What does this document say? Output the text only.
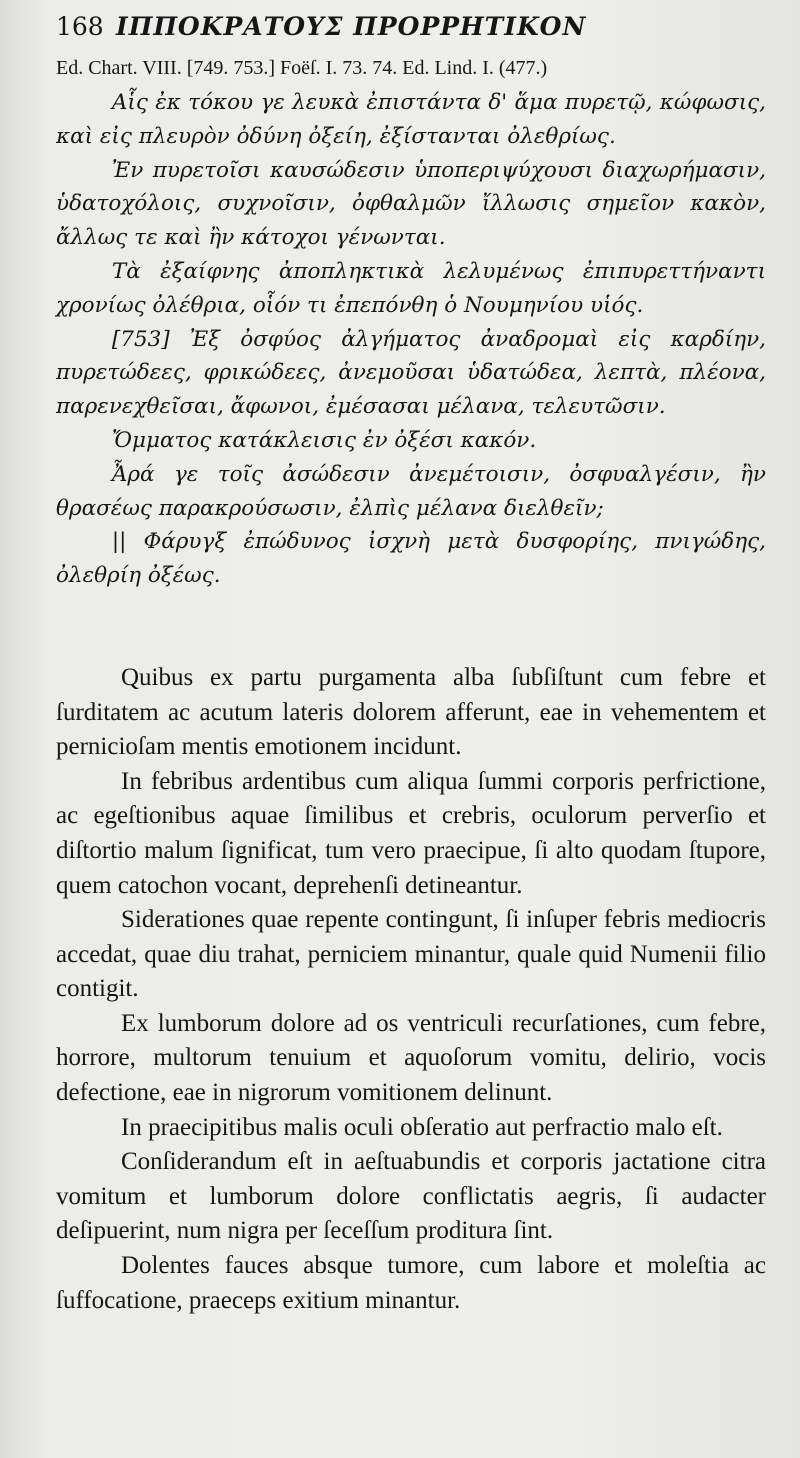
168 ΙΠΠΟΚΡΑΤΟΥΣ ΠΡΟΡΡΗΤΙΚΟΝ
Ed. Chart. VIII. [749. 753.] Foëſ. I. 73. 74. Ed. Lind. I. (477.)

Αἷς ἐκ τόκου γε λευκὰ ἐπιστάντα δ' ἅμα πυρετῷ, κώφωσις, καὶ εἰς πλευρὸν ὀδύνη ὀξείη, ἐξίστανται ὀλεθρίως.

Ἐν πυρετοῖσι καυσώδεσιν ὑποπεριψύχουσι διαχωρήμασιν, ὑδατοχόλοις, συχνοῖσιν, ὀφθαλμῶν ἴλλωσις σημεῖον κακὸν, ἄλλως τε καὶ ἢν κάτοχοι γένωνται.

Τὰ ἐξαίφνης ἀποπληκτικὰ λελυμένως ἐπιπυρεττήναντι χρονίως ὀλέθρια, οἷόν τι ἐπεπόνθη ὁ Νουμηνίου υἱός.

[753] Ἐξ ὀσφύος ἀλγήματος ἀναδρομαὶ εἰς καρδίην, πυρετώδεες, φρικώδεες, ἀνεμοῦσαι ὑδατώδεα, λεπτὰ, πλέονα, παρενεχθεῖσαι, ἄφωνοι, ἐμέσασαι μέλανα, τελευτῶσιν.

Ὄμματος κατάκλεισις ἐν ὀξέσι κακόν.

Ἆρά γε τοῖς ἀσώδεσιν ἀνεμέτοισιν, ὀσφυαλγέσιν, ἢν θρασέως παρακρούσωσιν, ἐλπὶς μέλανα διελθεῖν;

|| Φάρυγξ ἐπώδυνος ἰσχνὴ μετὰ δυσφορίης, πνιγώδης, ὀλεθρίη ὀξέως.

Quibus ex partu purgamenta alba ſubſiſtunt cum febre et ſurditatem ac acutum lateris dolorem afferunt, eae in vehementem et pernicioſam mentis emotionem incidunt.

In febribus ardentibus cum aliqua ſummi corporis perfrictione, ac egeſtionibus aquae ſimilibus et crebris, oculorum perverſio et diſtortio malum ſignificat, tum vero praecipue, ſi alto quodam ſtupore, quem catochon vocant, deprehenſi detineantur.

Siderationes quae repente contingunt, ſi inſuper febris mediocris accedat, quae diu trahat, perniciem minantur, quale quid Numenii filio contigit.

Ex lumborum dolore ad os ventriculi recurſationes, cum febre, horrore, multorum tenuium et aquoſorum vomitu, delirio, vocis defectione, eae in nigrorum vomitionem delinunt.

In praecipitibus malis oculi obſeratio aut perfractio malo eſt.

Conſiderandum eſt in aeſtuabundis et corporis jactatione citra vomitum et lumborum dolore conflictatis aegris, ſi audacter deſipuerint, num nigra per ſeceſſum proditura ſint.

Dolentes fauces absque tumore, cum labore et moleſtia ac ſuffocatione, praeceps exitium minantur.
